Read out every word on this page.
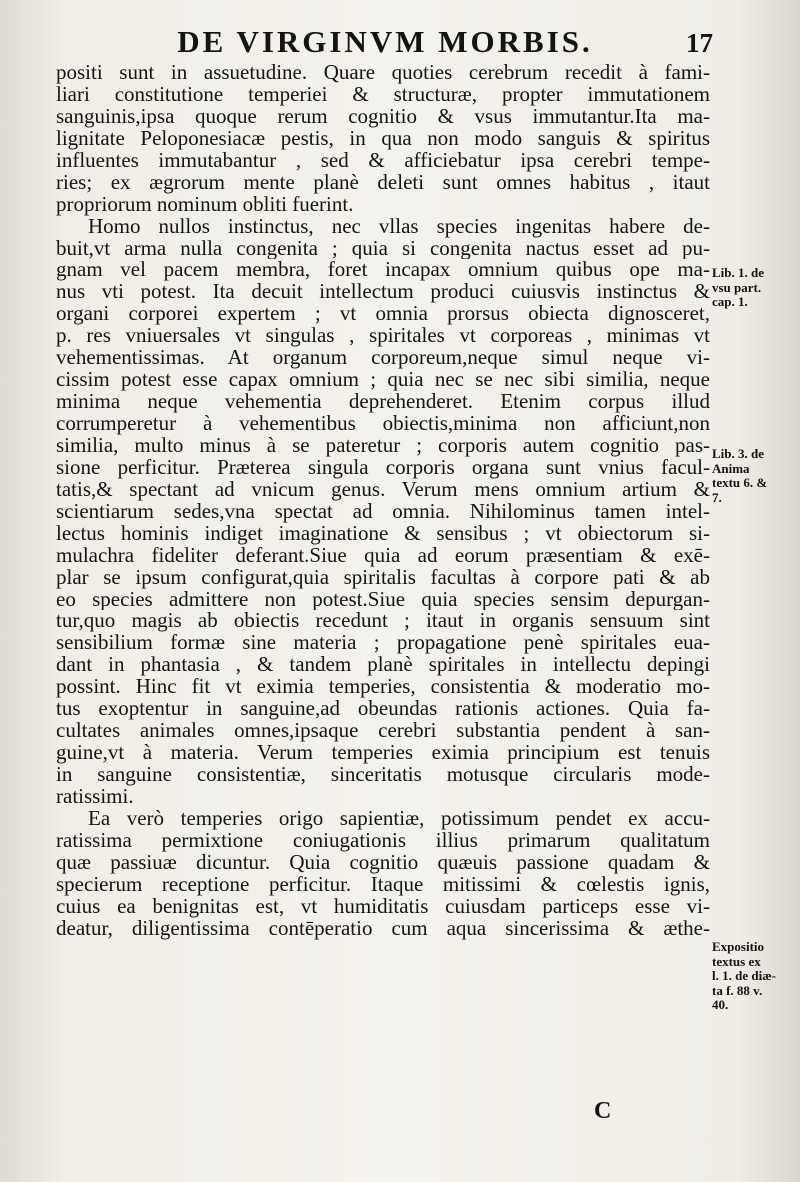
DE VIRGINVM MORBIS.	17
positi sunt in assuetudine. Quare quoties cerebrum recedit à fami-
liari constitutione temperiei & structuræ, propter immutationem
sanguinis,ipsa quoque rerum cognitio & vsus immutantur.Ita ma-
lignitate Peloponesiacæ pestis, in qua non modo sanguis & spiritus
influentes immutabantur , sed & afficiebatur ipsa cerebri tempe-
ries; ex ægrorum mente planè deleti sunt omnes habitus , itaut
propriorum nominum obliti fuerint.
Homo nullos instinctus, nec vllas species ingenitas habere de-
buit,vt arma nulla congenita ; quia si congenita nactus esset ad pu-
gnam vel pacem membra, foret incapax omnium quibus ope ma-
nus vti potest. Ita decuit intellectum produci cuiusvis instinctus &
organi corporei expertem ; vt omnia prorsus obiecta dignosceret,
p. res vniuersales vt singulas , spiritales vt corporeas , minimas vt
vehementissimas. At organum corporeum,neque simul neque vi-
cissim potest esse capax omnium ; quia nec se nec sibi similia, neque
minima neque vehementia deprehenderet. Etenim corpus illud
corrumperetur à vehementibus obiectis,minima non afficiunt,non
similia, multo minus à se pateretur ; corporis autem cognitio pas-
sione perficitur. Præterea singula corporis organa sunt vnius facul-
tatis,& spectant ad vnicum genus. Verum mens omnium artium &
scientiarum sedes,vna spectat ad omnia. Nihilominus tamen intel-
lectus hominis indiget imaginatione & sensibus ; vt obiectorum si-
mulachra fideliter deferant.Siue quia ad eorum præsentiam & exē-
plar se ipsum configurat,quia spiritalis facultas à corpore pati & ab
eo species admittere non potest.Siue quia species sensim depurgan-
tur,quo magis ab obiectis recedunt ; itaut in organis sensuum sint
sensibilium formæ sine materia ; propagatione penè spiritales eua-
dant in phantasia , & tandem planè spiritales in intellectu depingi
possint. Hinc fit vt eximia temperies, consistentia & moderatio mo-
tus exoptentur in sanguine,ad obeundas rationis actiones. Quia fa-
cultates animales omnes,ipsaque cerebri substantia pendent à san-
guine,vt à materia. Verum temperies eximia principium est tenuis
in sanguine consistentiæ, sinceritatis motusque circularis mode-
ratissimi.
Ea verò temperies origo sapientiæ, potissimum pendet ex accu-
ratissima permixtione coniugationis illius primarum qualitatum
quæ passiuæ dicuntur. Quia cognitio quæuis passione quadam &
specierum receptione perficitur. Itaque mitissimi & cœlestis ignis,
cuius ea benignitas est, vt humiditatis cuiusdam particeps esse vi-
deatur, diligentissima contēperatio cum aqua sincerissima & æthe-
Lib. 1. de
vsu part.
cap. 1.
Lib. 3. de
Anima
textu 6. &
7.
Expositio
textus ex
l. 1. de diæ-
ta f. 88 v.
40.
C
